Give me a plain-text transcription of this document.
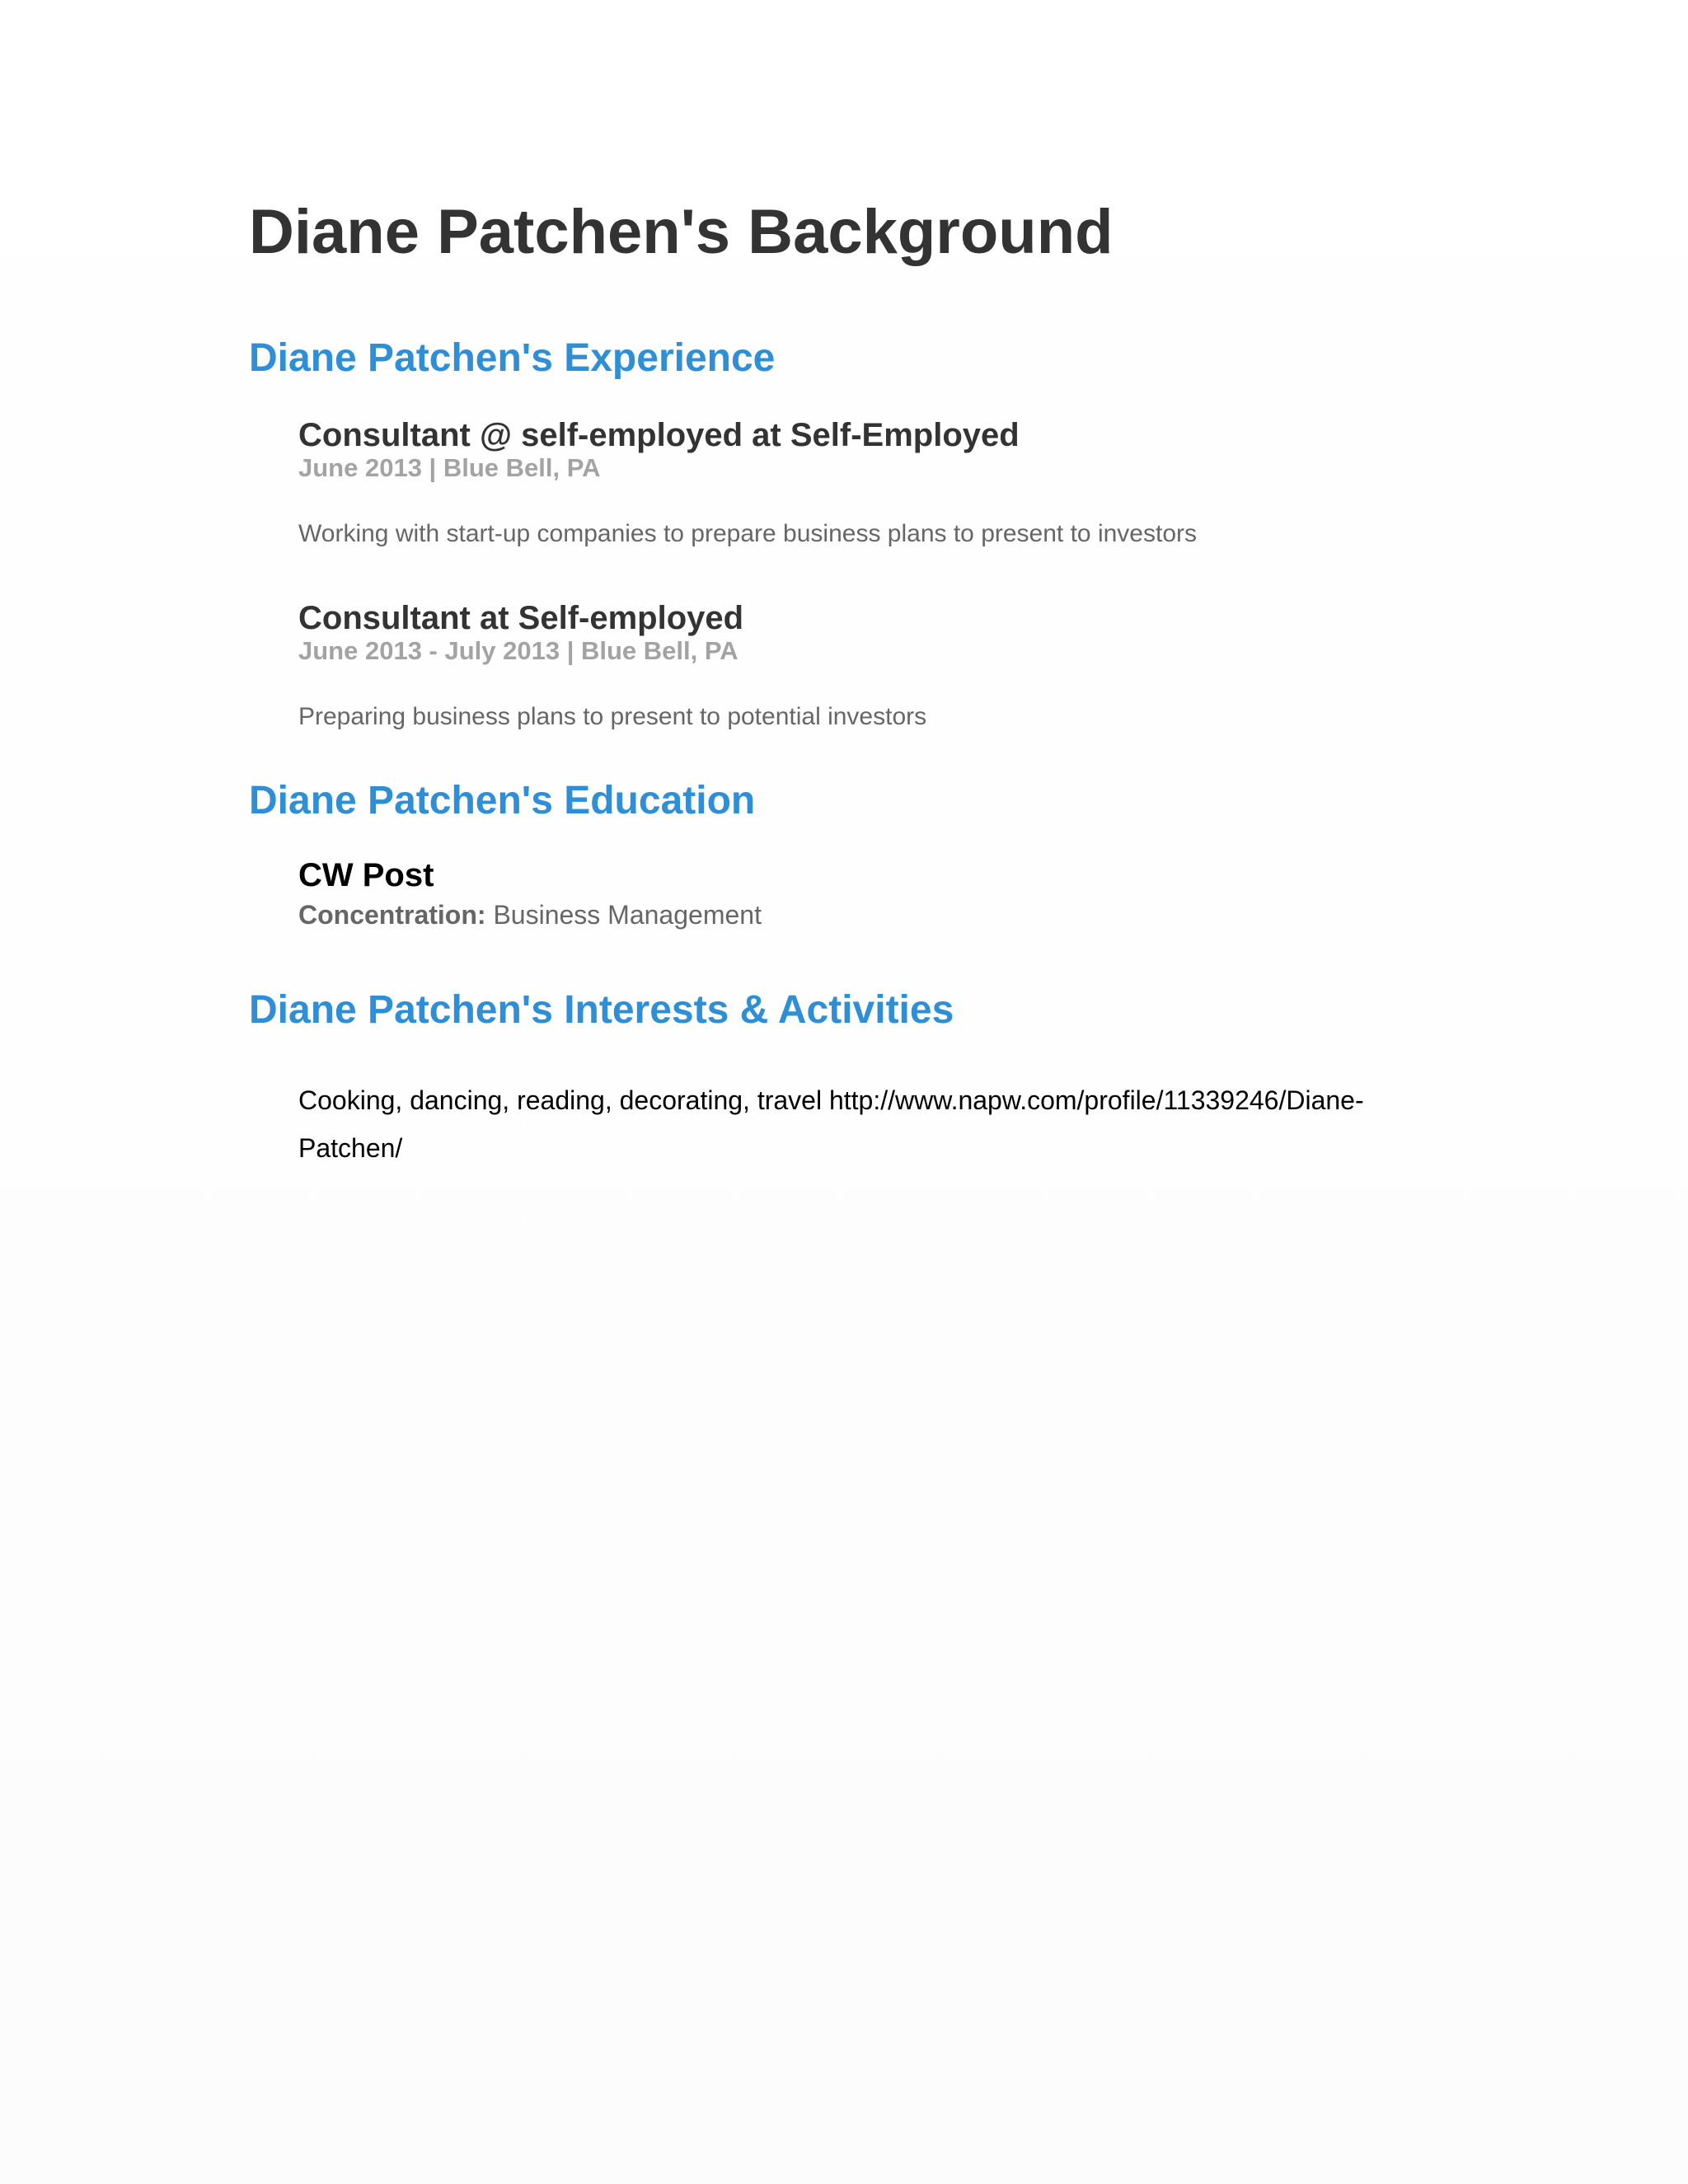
Diane Patchen's Background
Diane Patchen's Experience
Consultant @ self-employed at Self-Employed

June 2013 | Blue Bell, PA

Working with start-up companies to prepare business plans to present to investors

Consultant at Self-employed

June 2013 - July 2013 | Blue Bell, PA

Preparing business plans to present to potential investors

Diane Patchen's Education
CW Post

Concentration: Business Management

Diane Patchen's Interests & Activities

Cooking, dancing, reading, decorating, travel http://www.napw.com/profile/11339246/Diane-
Patchen/
